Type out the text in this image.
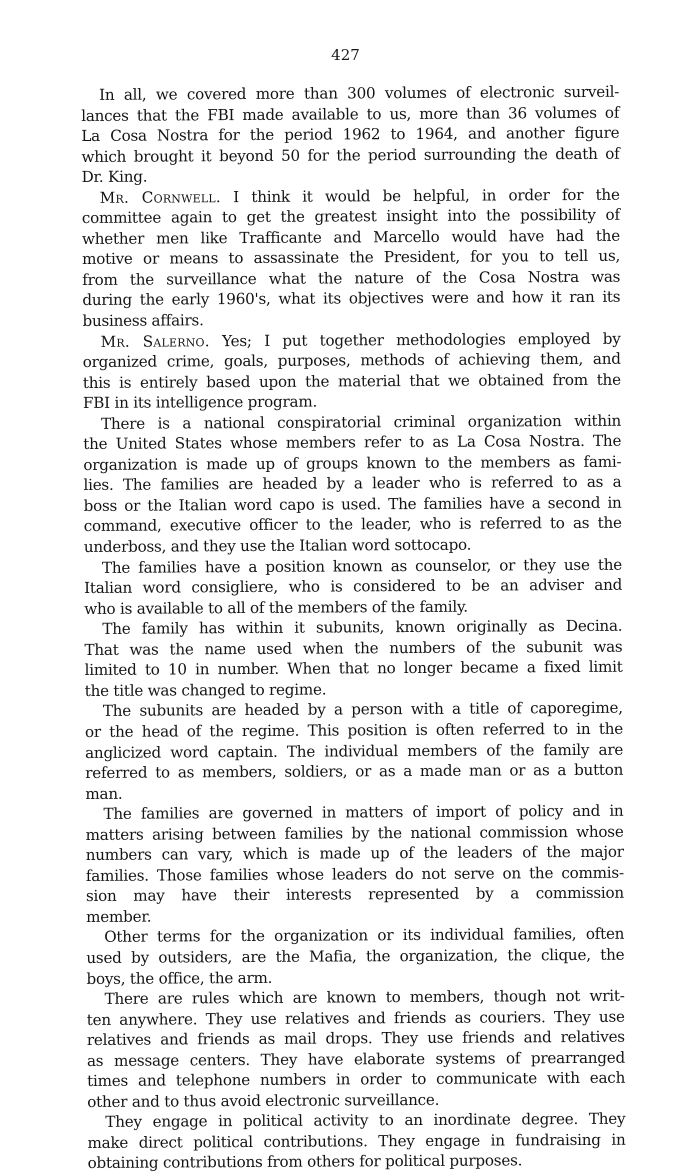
427
In all, we covered more than 300 volumes of electronic surveil-
lances that the FBI made available to us, more than 36 volumes of
La Cosa Nostra for the period 1962 to 1964, and another figure
which brought it beyond 50 for the period surrounding the death of
Dr. King.
Mr. Cornwell. I think it would be helpful, in order for the
committee again to get the greatest insight into the possibility of
whether men like Trafficante and Marcello would have had the
motive or means to assassinate the President, for you to tell us,
from the surveillance what the nature of the Cosa Nostra was
during the early 1960's, what its objectives were and how it ran its
business affairs.
Mr. Salerno. Yes; I put together methodologies employed by
organized crime, goals, purposes, methods of achieving them, and
this is entirely based upon the material that we obtained from the
FBI in its intelligence program.
There is a national conspiratorial criminal organization within
the United States whose members refer to as La Cosa Nostra. The
organization is made up of groups known to the members as fami-
lies. The families are headed by a leader who is referred to as a
boss or the Italian word capo is used. The families have a second in
command, executive officer to the leader, who is referred to as the
underboss, and they use the Italian word sottocapo.
The families have a position known as counselor, or they use the
Italian word consigliere, who is considered to be an adviser and
who is available to all of the members of the family.
The family has within it subunits, known originally as Decina.
That was the name used when the numbers of the subunit was
limited to 10 in number. When that no longer became a fixed limit
the title was changed to regime.
The subunits are headed by a person with a title of caporegime,
or the head of the regime. This position is often referred to in the
anglicized word captain. The individual members of the family are
referred to as members, soldiers, or as a made man or as a button
man.
The families are governed in matters of import of policy and in
matters arising between families by the national commission whose
numbers can vary, which is made up of the leaders of the major
families. Those families whose leaders do not serve on the commis-
sion may have their interests represented by a commission
member.
Other terms for the organization or its individual families, often
used by outsiders, are the Mafia, the organization, the clique, the
boys, the office, the arm.
There are rules which are known to members, though not writ-
ten anywhere. They use relatives and friends as couriers. They use
relatives and friends as mail drops. They use friends and relatives
as message centers. They have elaborate systems of prearranged
times and telephone numbers in order to communicate with each
other and to thus avoid electronic surveillance.
They engage in political activity to an inordinate degree. They
make direct political contributions. They engage in fundraising in
obtaining contributions from others for political purposes.
